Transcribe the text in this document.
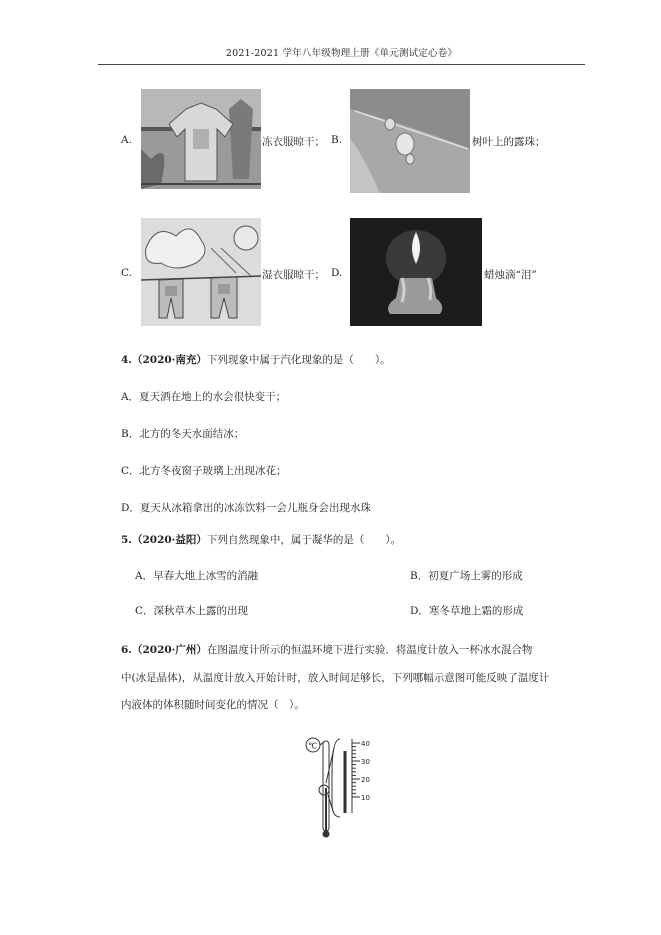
2021-2021 学年八年级物理上册《单元测试定心卷》
A.	冻衣服晾干； B.	树叶上的露珠；
C.	湿衣服晾干； D.	蜡烛滴“泪”
4.（2020·南充）下列现象中属于汽化现象的是（　　）。
A．夏天洒在地上的水会很快变干；
B．北方的冬天水面结冰；
C．北方冬夜窗子玻璃上出现冰花；
D．夏天从冰箱拿出的冰冻饮料一会儿瓶身会出现水珠
5.（2020·益阳）下列自然现象中，属于凝华的是（　　）。
A．早春大地上冰雪的消融	B．初夏广场上雾的形成
C．深秋草木上露的出现	D．寒冬草地上霜的形成
6.（2020·广州）在图温度计所示的恒温环境下进行实验．将温度计放入一杯冰水混合物
中(冰是晶体)，从温度计放入开始计时，放入时间足够长，下列哪幅示意图可能反映了温度计
内液体的体积随时间变化的情况（　）。
℃	40
30
20
10
